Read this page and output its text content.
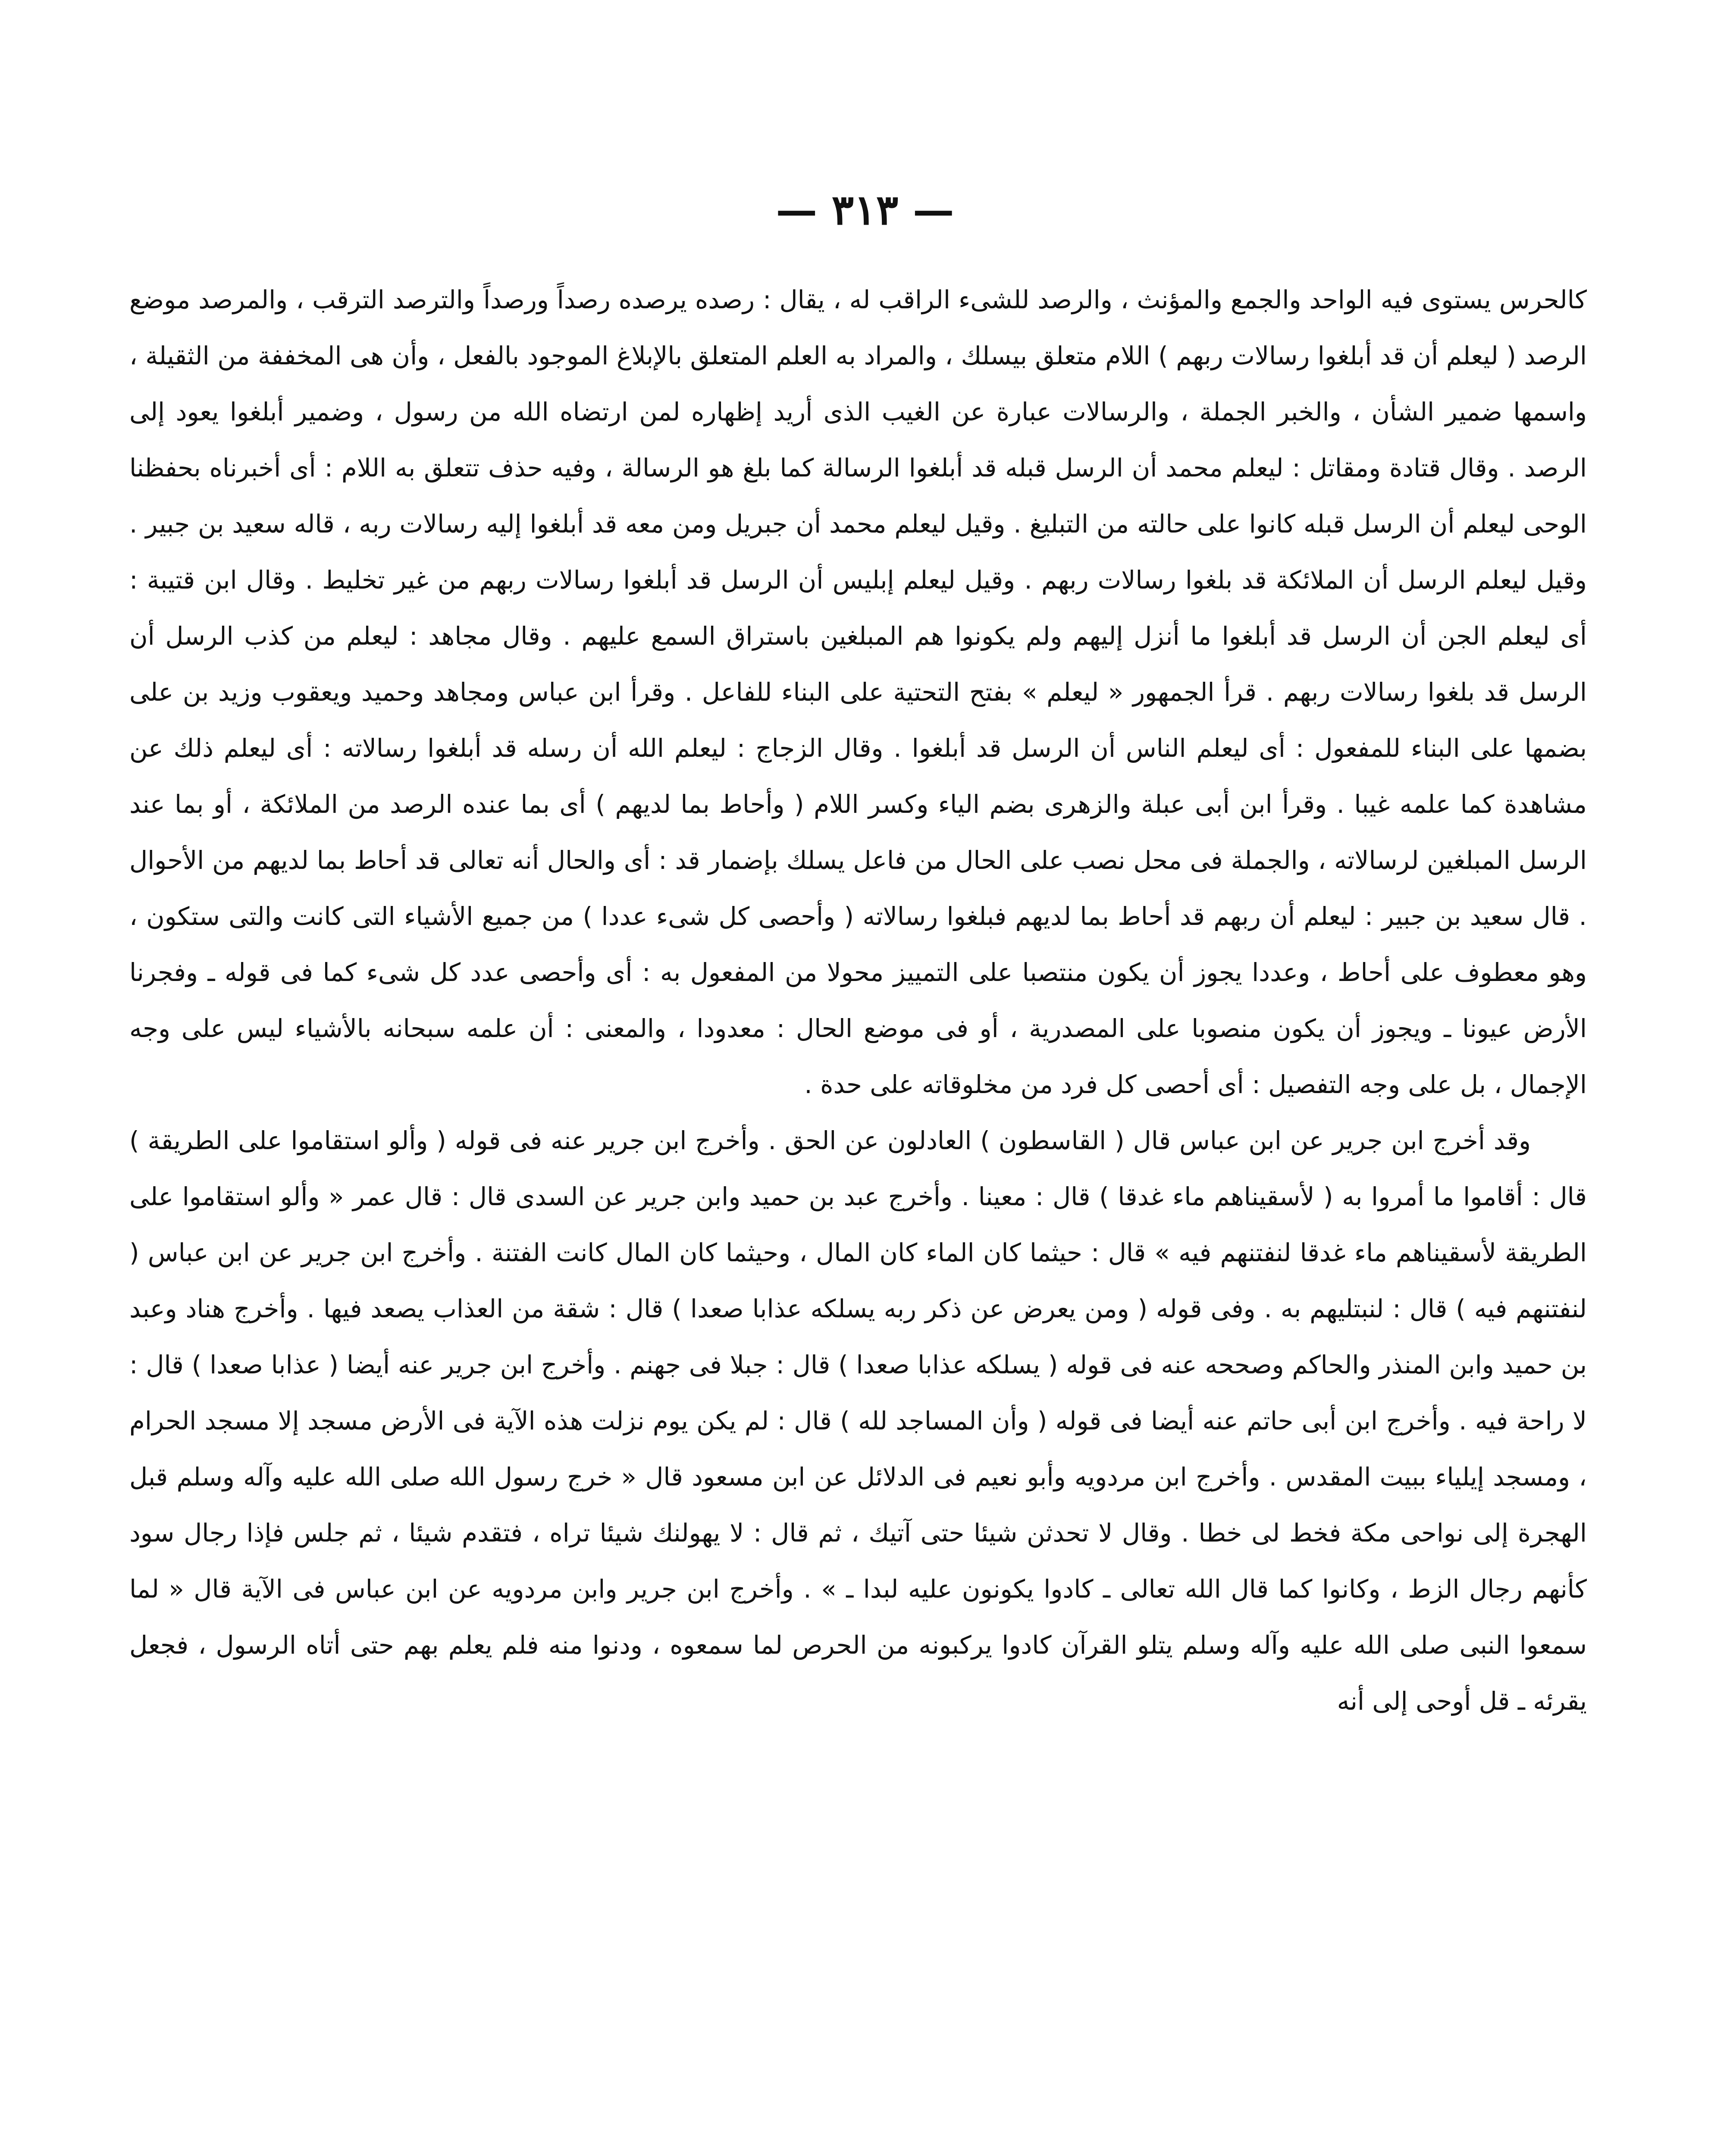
— ٣١٣ —

كالحرس يستوى فيه الواحد والجمع والمؤنث ، والرصد للشىء الراقب له ، يقال : رصده يرصده رصداً ورصداً والترصد الترقب ، والمرصد موضع الرصد ( ليعلم أن قد أبلغوا رسالات ربهم ) اللام متعلق بيسلك ، والمراد به العلم المتعلق بالإبلاغ الموجود بالفعل ، وأن هى المخففة من الثقيلة ، واسمها ضمير الشأن ، والخبر الجملة ، والرسالات عبارة عن الغيب الذى أريد إظهاره لمن ارتضاه الله من رسول ، وضمير أبلغوا يعود إلى الرصد . وقال قتادة ومقاتل : ليعلم محمد أن الرسل قبله قد أبلغوا الرسالة كما بلغ هو الرسالة ، وفيه حذف تتعلق به اللام : أى أخبرناه بحفظنا الوحى ليعلم أن الرسل قبله كانوا على حالته من التبليغ . وقيل ليعلم محمد أن جبريل ومن معه قد أبلغوا إليه رسالات ربه ، قاله سعيد بن جبير . وقيل ليعلم الرسل أن الملائكة قد بلغوا رسالات ربهم . وقيل ليعلم إبليس أن الرسل قد أبلغوا رسالات ربهم من غير تخليط . وقال ابن قتيبة : أى ليعلم الجن أن الرسل قد أبلغوا ما أنزل إليهم ولم يكونوا هم المبلغين باستراق السمع عليهم . وقال مجاهد : ليعلم من كذب الرسل أن الرسل قد بلغوا رسالات ربهم . قرأ الجمهور « ليعلم » بفتح التحتية على البناء للفاعل . وقرأ ابن عباس ومجاهد وحميد ويعقوب وزيد بن على بضمها على البناء للمفعول : أى ليعلم الناس أن الرسل قد أبلغوا . وقال الزجاج : ليعلم الله أن رسله قد أبلغوا رسالاته : أى ليعلم ذلك عن مشاهدة كما علمه غيبا . وقرأ ابن أبى عبلة والزهرى بضم الياء وكسر اللام ( وأحاط بما لديهم ) أى بما عنده الرصد من الملائكة ، أو بما عند الرسل المبلغين لرسالاته ، والجملة فى محل نصب على الحال من فاعل يسلك بإضمار قد : أى والحال أنه تعالى قد أحاط بما لديهم من الأحوال . قال سعيد بن جبير : ليعلم أن ربهم قد أحاط بما لديهم فبلغوا رسالاته ( وأحصى كل شىء عددا ) من جميع الأشياء التى كانت والتى ستكون ، وهو معطوف على أحاط ، وعددا يجوز أن يكون منتصبا على التمييز محولا من المفعول به : أى وأحصى عدد كل شىء كما فى قوله ـ وفجرنا الأرض عيونا ـ ويجوز أن يكون منصوبا على المصدرية ، أو فى موضع الحال : معدودا ، والمعنى : أن علمه سبحانه بالأشياء ليس على وجه الإجمال ، بل على وجه التفصيل : أى أحصى كل فرد من مخلوقاته على حدة .

وقد أخرج ابن جرير عن ابن عباس قال ( القاسطون ) العادلون عن الحق . وأخرج ابن جرير عنه فى قوله ( وألو استقاموا على الطريقة ) قال : أقاموا ما أمروا به ( لأسقيناهم ماء غدقا ) قال : معينا . وأخرج عبد بن حميد وابن جرير عن السدى قال : قال عمر « وألو استقاموا على الطريقة لأسقيناهم ماء غدقا لنفتنهم فيه » قال : حيثما كان الماء كان المال ، وحيثما كان المال كانت الفتنة . وأخرج ابن جرير عن ابن عباس ( لنفتنهم فيه ) قال : لنبتليهم به . وفى قوله ( ومن يعرض عن ذكر ربه يسلكه عذابا صعدا ) قال : شقة من العذاب يصعد فيها . وأخرج هناد وعبد بن حميد وابن المنذر والحاكم وصححه عنه فى قوله ( يسلكه عذابا صعدا ) قال : جبلا فى جهنم . وأخرج ابن جرير عنه أيضا ( عذابا صعدا ) قال : لا راحة فيه . وأخرج ابن أبى حاتم عنه أيضا فى قوله ( وأن المساجد لله ) قال : لم يكن يوم نزلت هذه الآية فى الأرض مسجد إلا مسجد الحرام ، ومسجد إيلياء ببيت المقدس . وأخرج ابن مردويه وأبو نعيم فى الدلائل عن ابن مسعود قال « خرج رسول الله صلى الله عليه وآله وسلم قبل الهجرة إلى نواحى مكة فخط لى خطا . وقال لا تحدثن شيئا حتى آتيك ، ثم قال : لا يهولنك شيئا تراه ، فتقدم شيئا ، ثم جلس فإذا رجال سود كأنهم رجال الزط ، وكانوا كما قال الله تعالى ـ كادوا يكونون عليه لبدا ـ » . وأخرج ابن جرير وابن مردويه عن ابن عباس فى الآية قال « لما سمعوا النبى صلى الله عليه وآله وسلم يتلو القرآن كادوا يركبونه من الحرص لما سمعوه ، ودنوا منه فلم يعلم بهم حتى أتاه الرسول ، فجعل يقرئه ـ قل أوحى إلى أنه
